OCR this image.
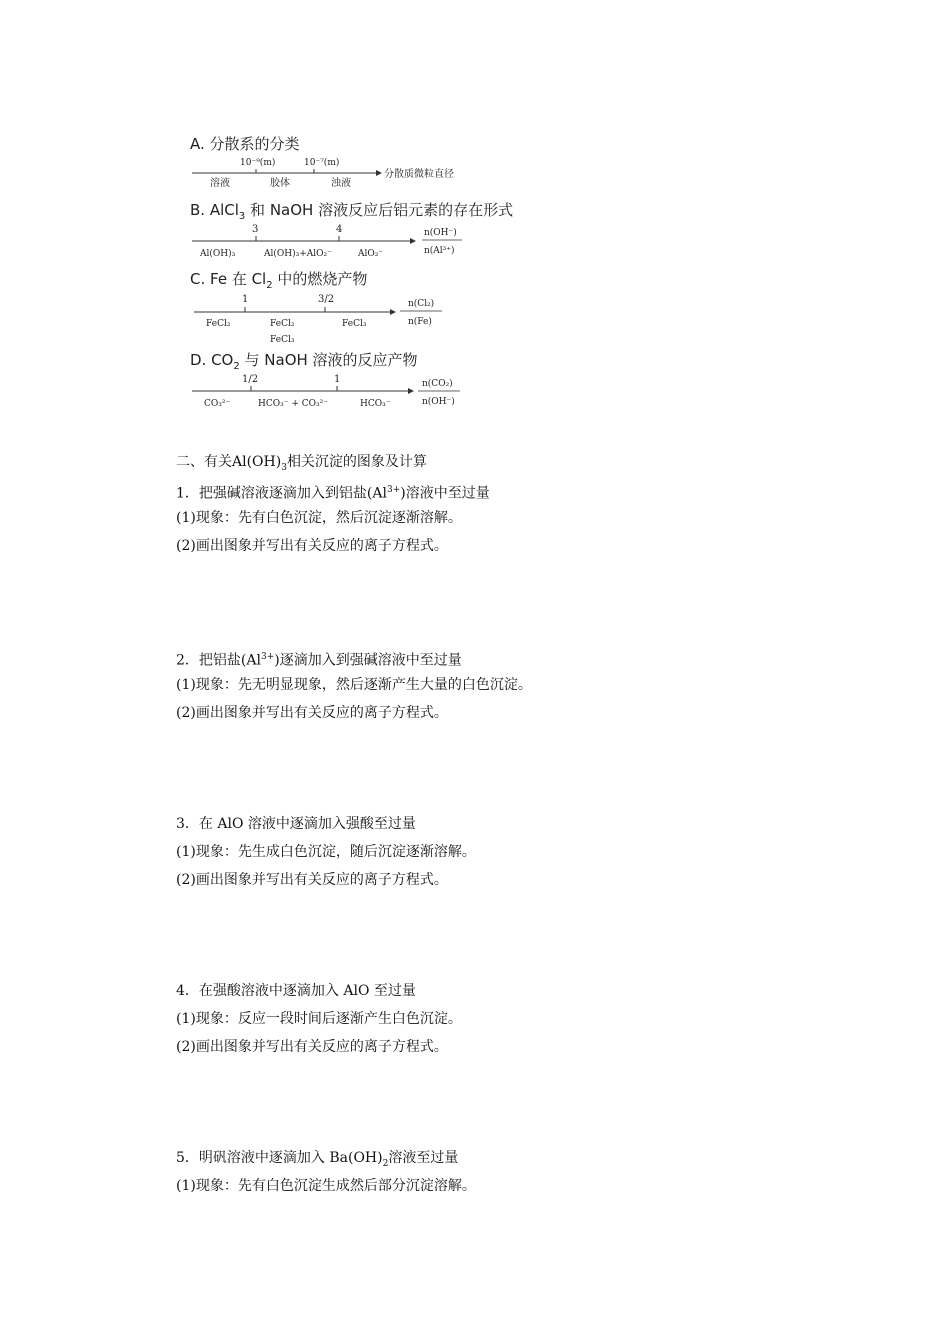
A. 分散系的分类
10⁻⁹(m)	10⁻⁷(m)
分散质微粒直径
溶液	胶体	浊液
B. AlCl$_3$ 和 NaOH 溶液反应后铝元素的存在形式
3	4
Al(OH)₃	Al(OH)₃+AlO₂⁻	AlO₂⁻
n(OH⁻)
n(Al³⁺)
C. Fe 在 $Cl_2$ 中的燃烧产物
1	3/2
FeCl₂	FeCl₂
FeCl₃
FeCl₃
n(Cl₂)
n(Fe)
D. $CO_2$ 与 NaOH 溶液的反应产物
1/2	1
CO₃²⁻	HCO₃⁻ + CO₃²⁻	HCO₃⁻
n(CO₂)
n(OH⁻)
二、有关$Al(OH)_3$相关沉淀的图象及计算
1．把强碱溶液逐滴加入到铝盐$(Al^{3+})$溶液中至过量
(1)现象：先有白色沉淀，然后沉淀逐渐溶解。
(2)画出图象并写出有关反应的离子方程式。
2．把铝盐$(Al^{3+})$逐滴加入到强碱溶液中至过量
(1)现象：先无明显现象，然后逐渐产生大量的白色沉淀。
(2)画出图象并写出有关反应的离子方程式。
3．在 AlO 溶液中逐滴加入强酸至过量
(1)现象：先生成白色沉淀，随后沉淀逐渐溶解。
(2)画出图象并写出有关反应的离子方程式。
4．在强酸溶液中逐滴加入 AlO 至过量
(1)现象：反应一段时间后逐渐产生白色沉淀。
(2)画出图象并写出有关反应的离子方程式。
5．明矾溶液中逐滴加入 $Ba(OH)_2$溶液至过量
(1)现象：先有白色沉淀生成然后部分沉淀溶解。
